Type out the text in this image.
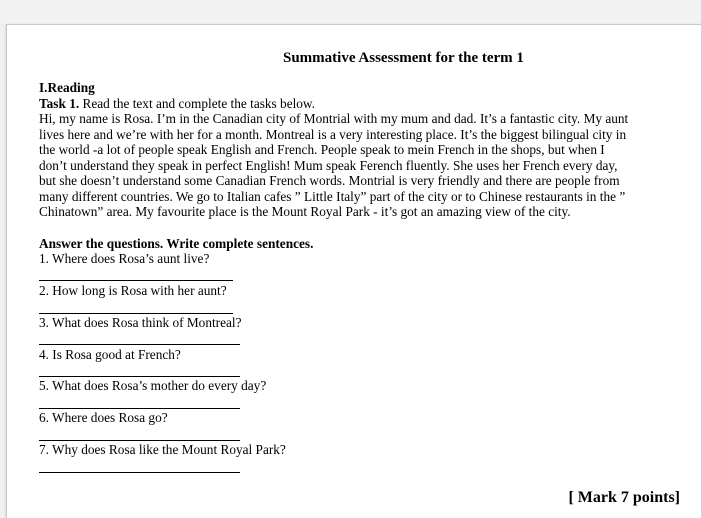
Summative Assessment for the term 1
I.Reading
Task 1. Read the text and complete the tasks below.
Hi, my name is Rosa. I’m in the Canadian city of Montrial with my mum and dad. It’s a fantastic city. My aunt
lives here and we’re with her for a month. Montreal is a very interesting place. It’s the biggest bilingual city in
the world -a lot of people speak English and French. People speak to mein French in the shops, but when I
don’t understand they speak in perfect English! Mum speak Ferench fluently. She uses her French every day,
but she doesn’t understand some Canadian French words. Montrial is very friendly and there are people from
many different countries. We go to Italian cafes ” Little Italy” part of the city or to Chinese restaurants in the ”
Chinatown” area. My favourite place is the Mount Royal Park - it’s got an amazing view of the city.
Answer the questions. Write complete sentences.
1. Where does Rosa’s aunt live?
2. How long is Rosa with her aunt?
3. What does Rosa think of Montreal?
4. Is Rosa good at French?
5. What does Rosa’s mother do every day?
6. Where does Rosa go?
7. Why does Rosa like the Mount Royal Park?
[ Mark 7 points]
